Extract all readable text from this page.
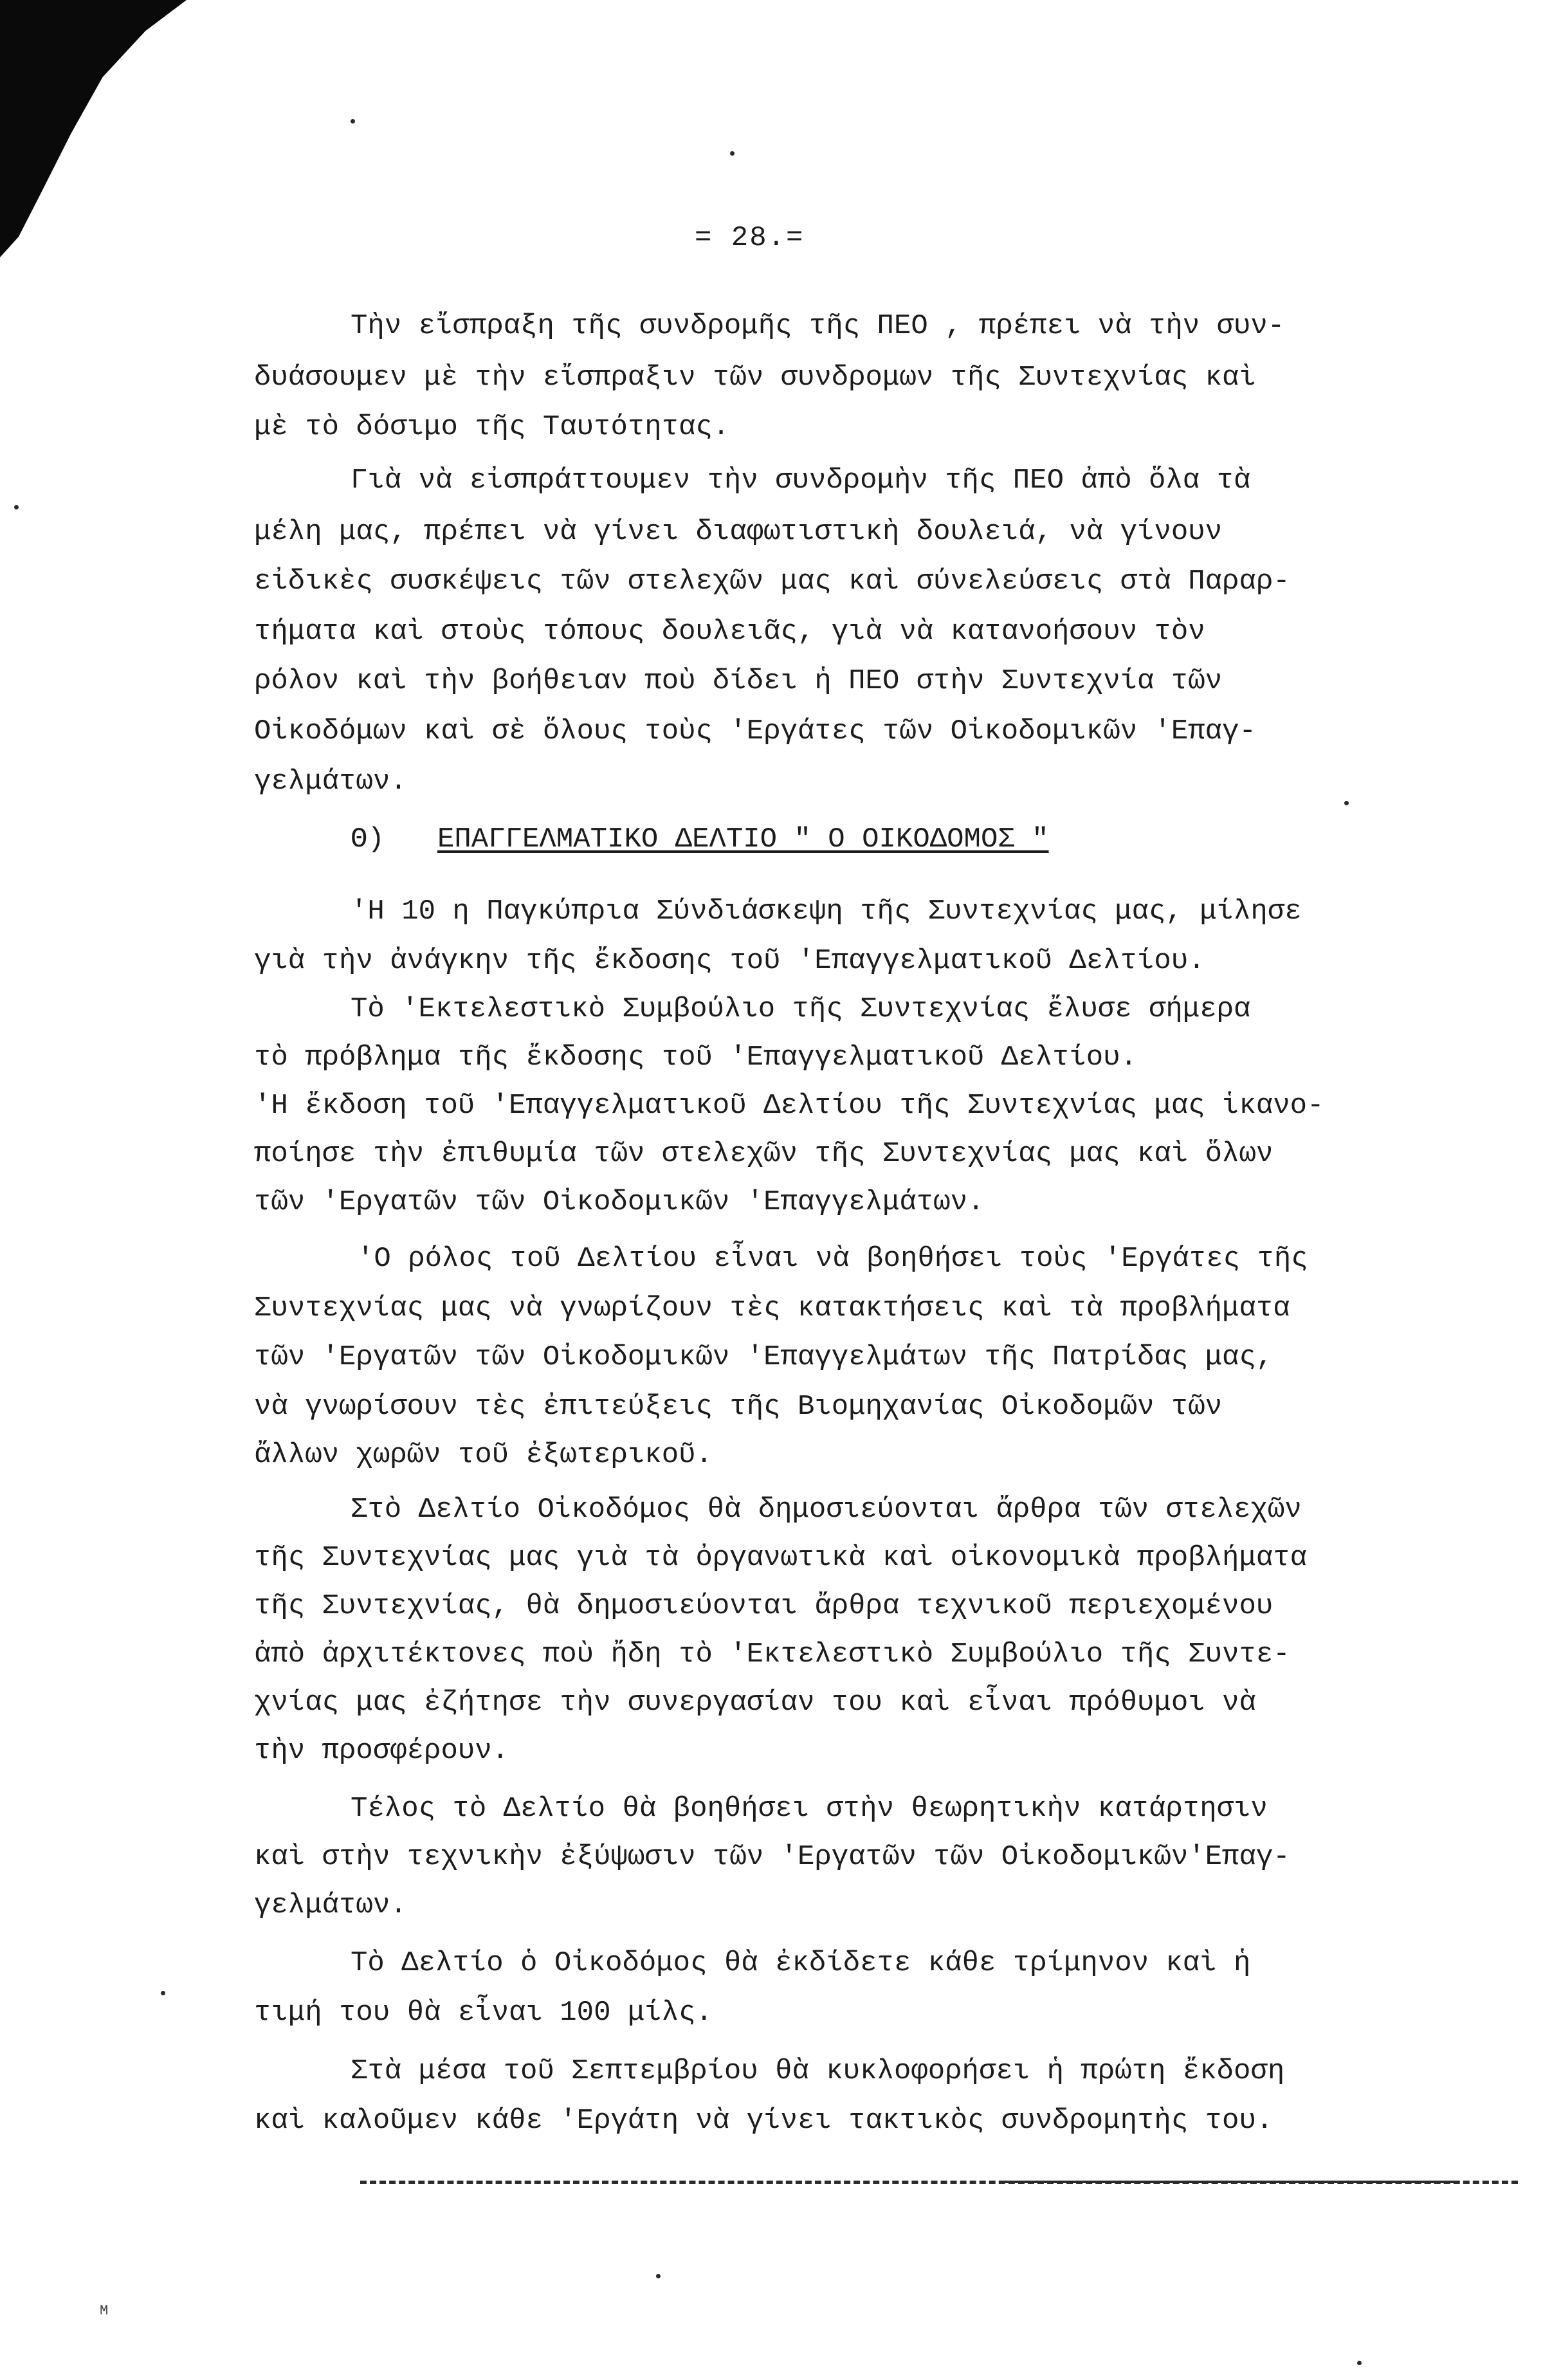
= 28.=
Τὴν εἴσπραξη τῆς συνδρομῆς τῆς ΠΕΟ , πρέπει νὰ τὴν συν-
δυάσουμεν μὲ τὴν εἴσπραξιν τῶν συνδρομων τῆς Συντεχνίας καὶ
μὲ τὸ δόσιμο τῆς Ταυτότητας.
Γιὰ νὰ εἰσπράττουμεν τὴν συνδρομὴν τῆς ΠΕΟ ἀπὸ ὅλα τὰ
μέλη μας, πρέπει νὰ γίνει διαφωτιστικὴ δουλειά, νὰ γίνουν
εἰδικὲς συσκέψεις τῶν στελεχῶν μας καὶ σύνελεύσεις στὰ Παραρ-
τήματα καὶ στοὺς τόπους δουλειᾶς, γιὰ νὰ κατανοήσουν τὸν
ρόλον καὶ τὴν βοήθειαν ποὺ δίδει ἡ ΠΕΟ στὴν Συντεχνία τῶν
Οἰκοδόμων καὶ σὲ ὅλους τοὺς 'Εργάτες τῶν Οἰκοδομικῶν 'Επαγ-
γελμάτων.
Θ) ΕΠΑΓΓΕΛΜΑΤΙΚΟ ΔΕΛΤΙΟ " Ο ΟΙΚΟΔΟΜΟΣ "
'Η 10 η Παγκύπρια Σύνδιάσκεψη τῆς Συντεχνίας μας, μίλησε
γιὰ τὴν ἀνάγκην τῆς ἔκδοσης τοῦ 'Επαγγελματικοῦ Δελτίου.
Τὸ 'Εκτελεστικὸ Συμβούλιο τῆς Συντεχνίας ἔλυσε σήμερα
τὸ πρόβλημα τῆς ἔκδοσης τοῦ 'Επαγγελματικοῦ Δελτίου.
'Η ἔκδοση τοῦ 'Επαγγελματικοῦ Δελτίου τῆς Συντεχνίας μας ἱκανο-
ποίησε τὴν ἐπιθυμία τῶν στελεχῶν τῆς Συντεχνίας μας καὶ ὅλων
τῶν 'Εργατῶν τῶν Οἰκοδομικῶν 'Επαγγελμάτων.
'Ο ρόλος τοῦ Δελτίου εἶναι νὰ βοηθήσει τοὺς 'Εργάτες τῆς
Συντεχνίας μας νὰ γνωρίζουν τὲς κατακτήσεις καὶ τὰ προβλήματα
τῶν 'Εργατῶν τῶν Οἰκοδομικῶν 'Επαγγελμάτων τῆς Πατρίδας μας,
νὰ γνωρίσουν τὲς ἐπιτεύξεις τῆς Βιομηχανίας Οἰκοδομῶν τῶν
ἄλλων χωρῶν τοῦ ἐξωτερικοῦ.
Στὸ Δελτίο Οἰκοδόμος θὰ δημοσιεύονται ἄρθρα τῶν στελεχῶν
τῆς Συντεχνίας μας γιὰ τὰ ὀργανωτικὰ καὶ οἰκονομικὰ προβλήματα
τῆς Συντεχνίας, θὰ δημοσιεύονται ἄρθρα τεχνικοῦ περιεχομένου
ἀπὸ ἀρχιτέκτονες ποὺ ἤδη τὸ 'Εκτελεστικὸ Συμβούλιο τῆς Συντε-
χνίας μας ἐζήτησε τὴν συνεργασίαν του καὶ εἶναι πρόθυμοι νὰ
τὴν προσφέρουν.
Τέλος τὸ Δελτίο θὰ βοηθήσει στὴν θεωρητικὴν κατάρτησιν
καὶ στὴν τεχνικὴν ἐξύψωσιν τῶν 'Εργατῶν τῶν Οἰκοδομικῶν'Επαγ-
γελμάτων.
Τὸ Δελτίο ὁ Οἰκοδόμος θὰ ἐκδίδετε κάθε τρίμηνον καὶ ἡ
τιμή του θὰ εἶναι 100 μίλς.
Στὰ μέσα τοῦ Σεπτεμβρίου θὰ κυκλοφορήσει ἡ πρώτη ἔκδοση
καὶ καλοῦμεν κάθε 'Εργάτη νὰ γίνει τακτικὸς συνδρομητὴς του.
M
